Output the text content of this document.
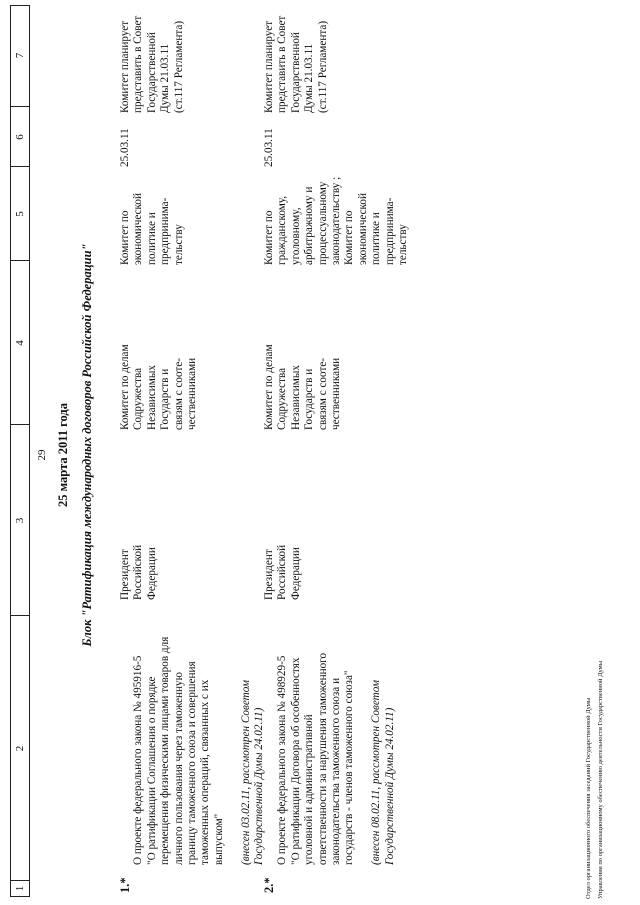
1
2
3
4
5
6
7
29 25 марта 2011 года Блок "Ратификация международных договоров Российской Федерации"
1.*

О проекте федерального закона № 495916-5
"О ратификации Соглашения о порядке
перемещения физическими лицами товаров для
личного пользования через таможенную
границу таможенного союза и совершения
таможенных операций, связанных с их
выпуском" (внесен 03.02.11, рассмотрен Советом
Государственной Думы 24.02.11)

Президент
Российской
Федерации
Комитет по делам
Содружества
Независимых
Государств и
связям с сооте-
чественниками
Комитет по
экономической
политике и
предпринима-
тельству
25.03.11
Комитет планирует
представить в Совет
Государственной
Думы 21.03.11
(ст.117 Регламента)
2.*

О проекте федерального закона № 498929-5
"О ратификации Договора об особенностях
уголовной и административной
ответственности за нарушения таможенного
законодательства таможенного союза и
государств - членов таможенного союза"

(внесен 08.02.11, рассмотрен Советом
Государственной Думы 24.02.11)

Президент
Российской
Федерации
Комитет по делам
Содружества
Независимых
Государств и
связям с сооте-
чественниками
Комитет по
гражданскому,
уголовному,
арбитражному и
процессуальному
законодательству ;
Комитет по
экономической
политике и
предпринима-
тельству
25.03.11
Комитет планирует
представить в Совет
Государственной
Думы 21.03.11
(ст.117 Регламента)
Отдел организационного обеспечения заседаний Государственной Думы Управления по организационному обеспечению деятельности Государственной Думы
